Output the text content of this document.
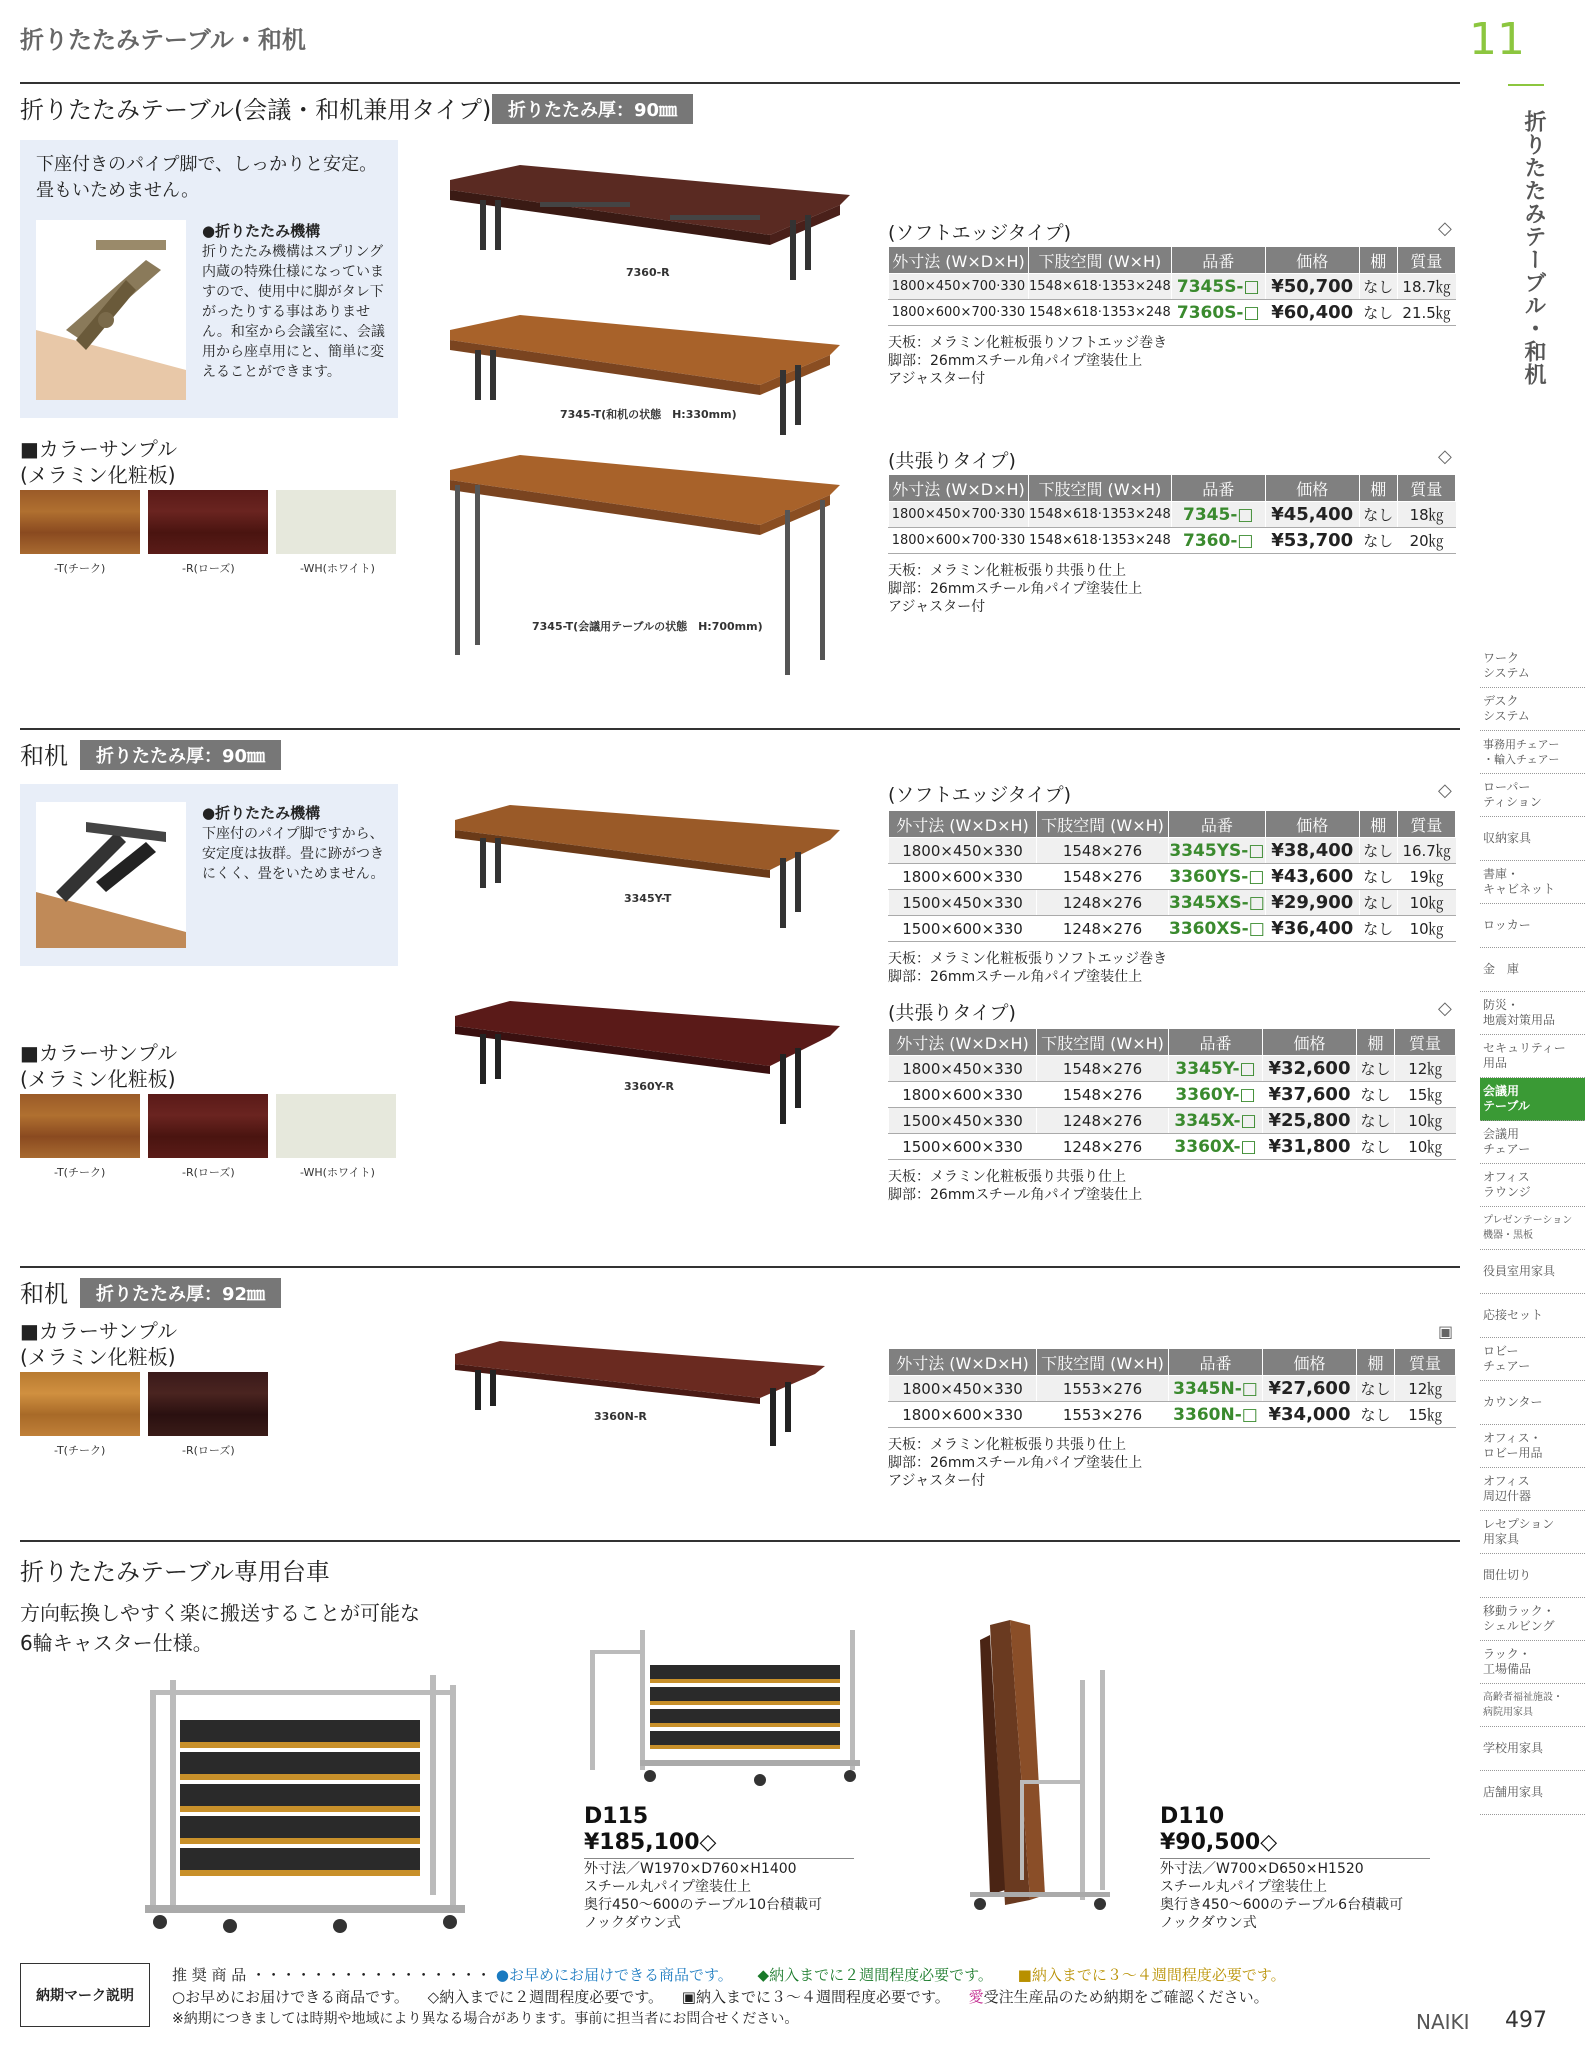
折りたたみテーブル・和机	11
折りたたみテーブル・和机
折りたたみテーブル(会議・和机兼用タイプ) 折りたたみ厚：90㎜
下座付きのパイプ脚で、しっかりと安定。
畳もいためません。
●折りたたみ機構
折りたたみ機構はスプリング内蔵の特殊仕様になっていますので、使用中に脚がタレ下がったりする事はありません。和室から会議室に、会議用から座卓用にと、簡単に変えることができます。
■カラーサンプル
(メラミン化粧板)
-T(チーク)	-R(ローズ)	-WH(ホワイト)
7360-R
7345-T(和机の状態　H:330mm)
7345-T(会議用テーブルの状態　H:700mm)
(ソフトエッジタイプ)	◇
外寸法 (W×D×H)	下肢空間 (W×H)	品番	価格	棚	質量
1800×450×700·330	1548×618·1353×248	7345S-□	¥50,700	なし	18.7㎏
1800×600×700·330	1548×618·1353×248	7360S-□	¥60,400	なし	21.5㎏
天板：メラミン化粧板張りソフトエッジ巻き
脚部：26mmスチール角パイプ塗装仕上
アジャスター付
(共張りタイプ)	◇
外寸法 (W×D×H)	下肢空間 (W×H)	品番	価格	棚	質量
1800×450×700·330	1548×618·1353×248	7345-□	¥45,400	なし	18㎏
1800×600×700·330	1548×618·1353×248	7360-□	¥53,700	なし	20㎏
天板：メラミン化粧板張り共張り仕上
脚部：26mmスチール角パイプ塗装仕上
アジャスター付
和机	折りたたみ厚：90㎜
●折りたたみ機構
下座付のパイプ脚ですから、安定度は抜群。畳に跡がつきにくく、畳をいためません。
■カラーサンプル
(メラミン化粧板)
-T(チーク)	-R(ローズ)	-WH(ホワイト)
3345Y-T
3360Y-R
(ソフトエッジタイプ)	◇
外寸法 (W×D×H)	下肢空間 (W×H)	品番	価格	棚	質量
1800×450×330	1548×276	3345YS-□	¥38,400	なし	16.7㎏
1800×600×330	1548×276	3360YS-□	¥43,600	なし	19㎏
1500×450×330	1248×276	3345XS-□	¥29,900	なし	10㎏
1500×600×330	1248×276	3360XS-□	¥36,400	なし	10㎏
天板：メラミン化粧板張りソフトエッジ巻き
脚部：26mmスチール角パイプ塗装仕上
(共張りタイプ)	◇
外寸法 (W×D×H)	下肢空間 (W×H)	品番	価格	棚	質量
1800×450×330	1548×276	3345Y-□	¥32,600	なし	12㎏
1800×600×330	1548×276	3360Y-□	¥37,600	なし	15㎏
1500×450×330	1248×276	3345X-□	¥25,800	なし	10㎏
1500×600×330	1248×276	3360X-□	¥31,800	なし	10㎏
天板：メラミン化粧板張り共張り仕上
脚部：26mmスチール角パイプ塗装仕上
和机	折りたたみ厚：92㎜
■カラーサンプル
(メラミン化粧板)
-T(チーク)	-R(ローズ)
3360N-R
▣
外寸法 (W×D×H)	下肢空間 (W×H)	品番	価格	棚	質量
1800×450×330	1553×276	3345N-□	¥27,600	なし	12㎏
1800×600×330	1553×276	3360N-□	¥34,000	なし	15㎏
天板：メラミン化粧板張り共張り仕上
脚部：26mmスチール角パイプ塗装仕上
アジャスター付
折りたたみテーブル専用台車
方向転換しやすく楽に搬送することが可能な
6輪キャスター仕様。
D115
¥185,100◇
外寸法／W1970×D760×H1400
スチール丸パイプ塗装仕上
奥行450～600のテーブル10台積載可
ノックダウン式
D110
¥90,500◇
外寸法／W700×D650×H1520
スチール丸パイプ塗装仕上
奥行き450～600のテーブル6台積載可
ノックダウン式
ワーク
システム
デスク
システム
事務用チェアー
・輸入チェアー
ローパー
ティション
収納家具
書庫・
キャビネット
ロッカー
金　庫
防災・
地震対策用品
セキュリティー
用品
会議用
テーブル
会議用
チェアー
オフィス
ラウンジ
プレゼンテーション
機器・黒板
役員室用家具
応接セット
ロビー
チェアー
カウンター
オフィス・
ロビー用品
オフィス
周辺什器
レセプション
用家具
間仕切り
移動ラック・
シェルビング
ラック・
工場備品
高齢者福祉施設・
病院用家具
学校用家具
店舗用家具
納期マーク説明
推 奨 商 品 ・・・・・・・・・・・・・・・・ ●お早めにお届けできる商品です。 ◆納入までに２週間程度必要です。 ■納入までに３～４週間程度必要です。
○お早めにお届けできる商品です。 ◇納入までに２週間程度必要です。 ▣納入までに３～４週間程度必要です。 愛受注生産品のため納期をご確認ください。
※納期につきましては時期や地域により異なる場合があります。事前に担当者にお問合せください。	NAIKI 497
